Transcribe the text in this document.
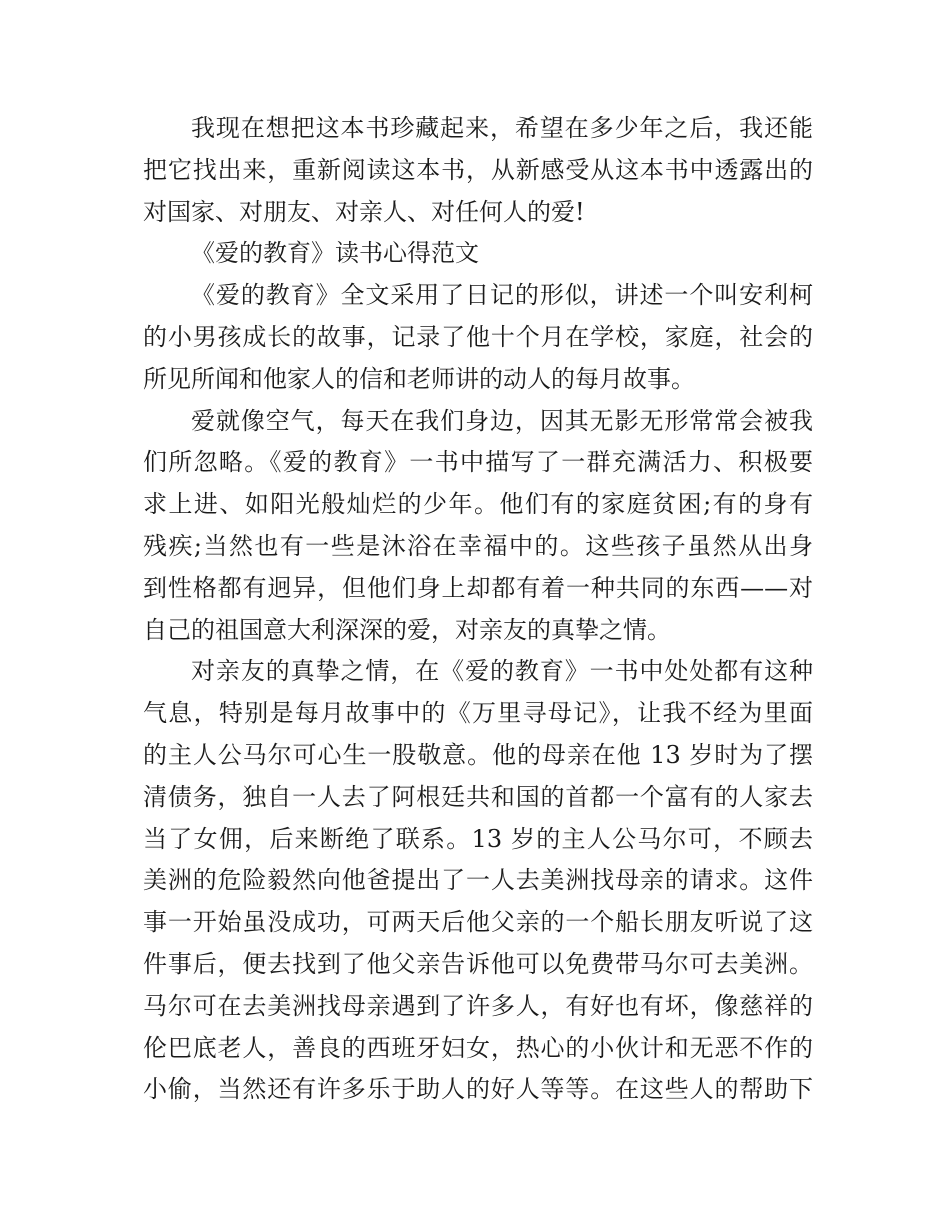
我现在想把这本书珍藏起来，希望在多少年之后，我还能
把它找出来，重新阅读这本书，从新感受从这本书中透露出的
对国家、对朋友、对亲人、对任何人的爱!
《爱的教育》读书心得范文
《爱的教育》全文采用了日记的形似，讲述一个叫安利柯
的小男孩成长的故事，记录了他十个月在学校，家庭，社会的
所见所闻和他家人的信和老师讲的动人的每月故事。
爱就像空气，每天在我们身边，因其无影无形常常会被我
们所忽略。《爱的教育》一书中描写了一群充满活力、积极要
求上进、如阳光般灿烂的少年。他们有的家庭贫困;有的身有
残疾;当然也有一些是沐浴在幸福中的。这些孩子虽然从出身
到性格都有迥异，但他们身上却都有着一种共同的东西——对
自己的祖国意大利深深的爱，对亲友的真挚之情。
对亲友的真挚之情，在《爱的教育》一书中处处都有这种
气息，特别是每月故事中的《万里寻母记》，让我不经为里面
的主人公马尔可心生一股敬意。他的母亲在他 13 岁时为了摆
清债务，独自一人去了阿根廷共和国的首都一个富有的人家去
当了女佣，后来断绝了联系。13 岁的主人公马尔可，不顾去
美洲的危险毅然向他爸提出了一人去美洲找母亲的请求。这件
事一开始虽没成功，可两天后他父亲的一个船长朋友听说了这
件事后，便去找到了他父亲告诉他可以免费带马尔可去美洲。
马尔可在去美洲找母亲遇到了许多人，有好也有坏，像慈祥的
伦巴底老人，善良的西班牙妇女，热心的小伙计和无恶不作的
小偷，当然还有许多乐于助人的好人等等。在这些人的帮助下
